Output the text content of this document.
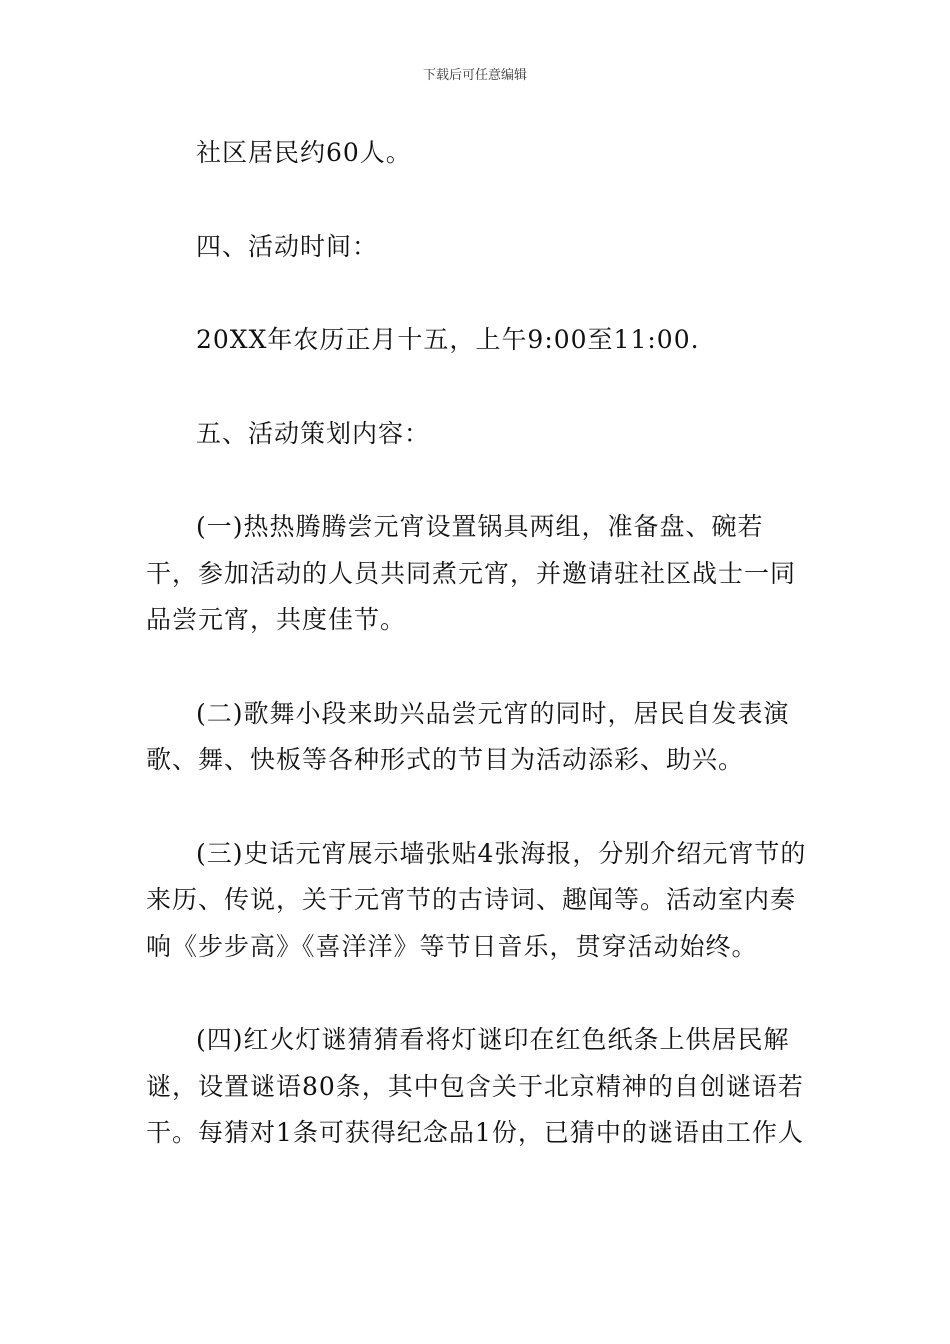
下载后可任意编辑

社区居民约60人。

四、活动时间：

20XX年农历正月十五，上午9:00至11:00.

五、活动策划内容：

(一)热热腾腾尝元宵设置锅具两组，准备盘、碗若干，参加活动的人员共同煮元宵，并邀请驻社区战士一同品尝元宵，共度佳节。

(二)歌舞小段来助兴品尝元宵的同时，居民自发表演歌、舞、快板等各种形式的节目为活动添彩、助兴。

(三)史话元宵展示墙张贴4张海报，分别介绍元宵节的来历、传说，关于元宵节的古诗词、趣闻等。活动室内奏响《步步高》《喜洋洋》等节日音乐，贯穿活动始终。

(四)红火灯谜猜猜看将灯谜印在红色纸条上供居民解谜，设置谜语80条，其中包含关于北京精神的自创谜语若干。每猜对1条可获得纪念品1份，已猜中的谜语由工作人
